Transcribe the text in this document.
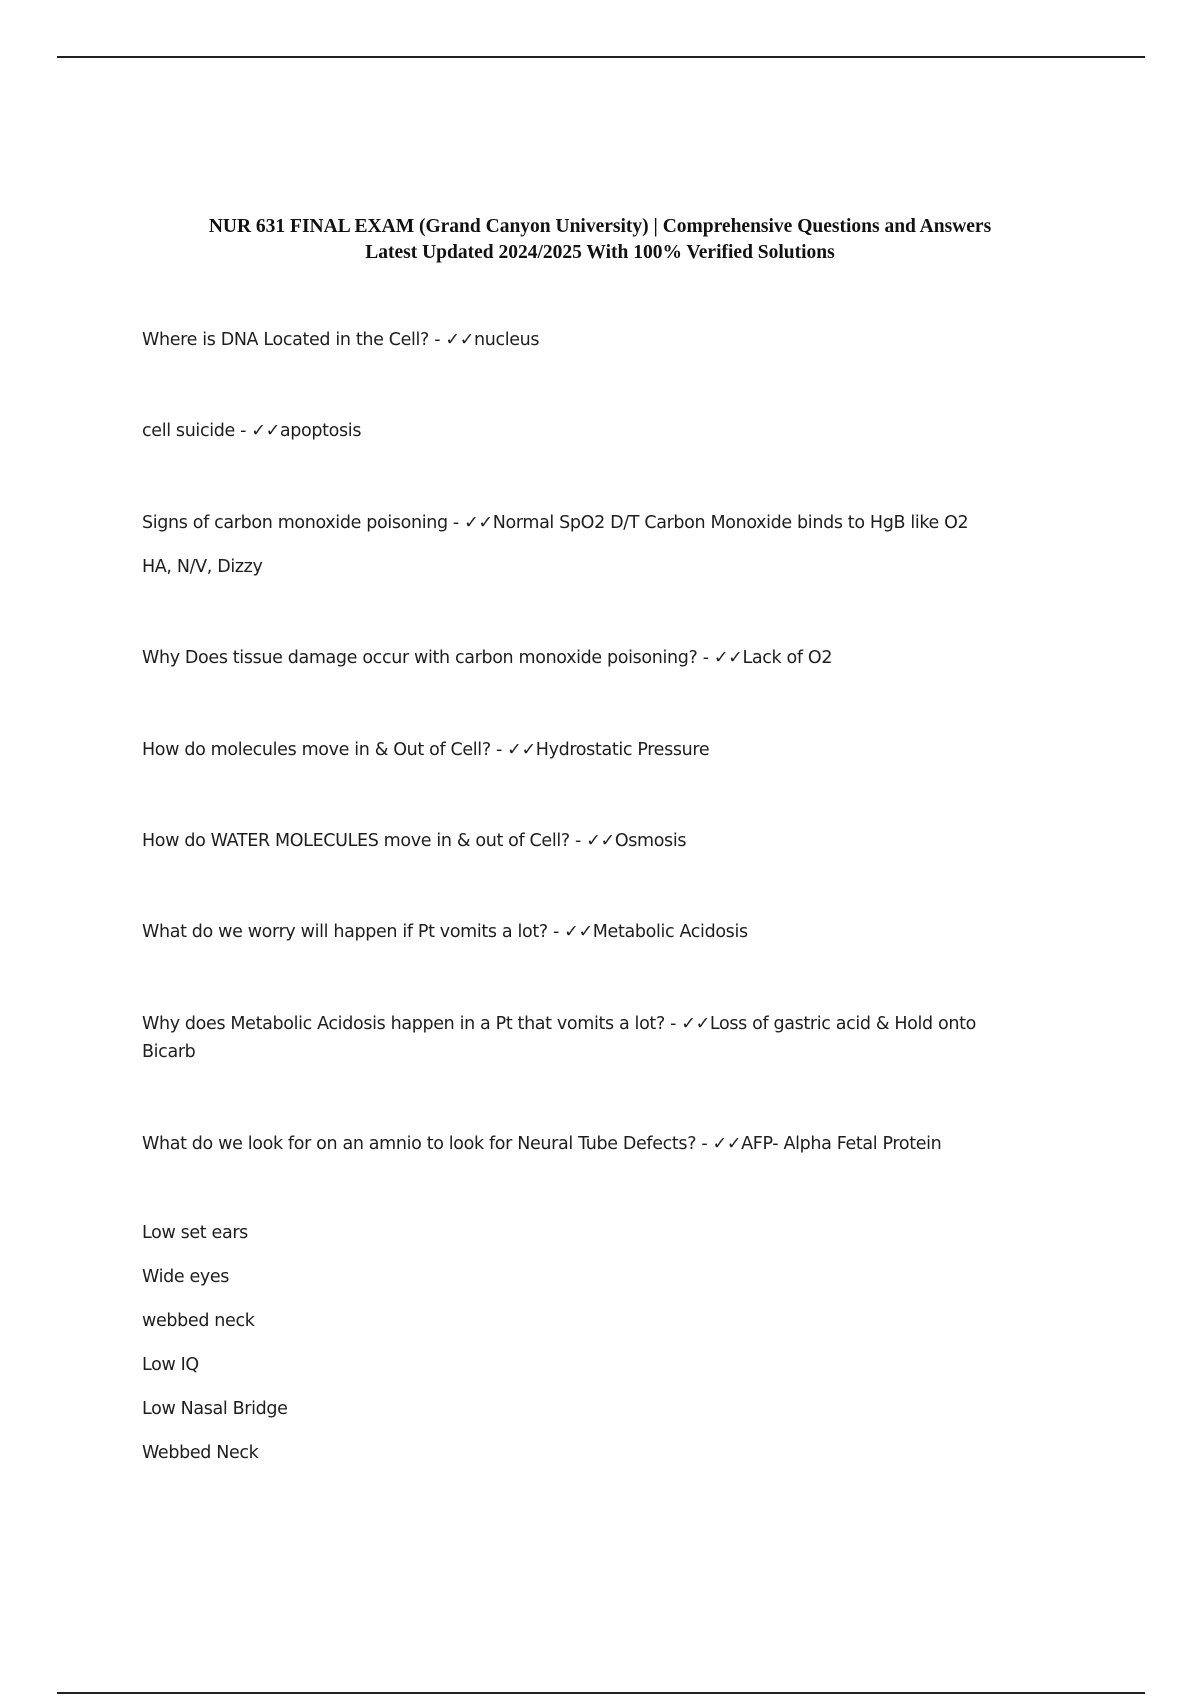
NUR 631 FINAL EXAM (Grand Canyon University) | Comprehensive Questions and Answers
Latest Updated 2024/2025 With 100% Verified Solutions
Where is DNA Located in the Cell? - ✓✓nucleus
cell suicide - ✓✓apoptosis
Signs of carbon monoxide poisoning - ✓✓Normal SpO2 D/T Carbon Monoxide binds to HgB like O2
HA, N/V, Dizzy
Why Does tissue damage occur with carbon monoxide poisoning? - ✓✓Lack of O2
How do molecules move in & Out of Cell? - ✓✓Hydrostatic Pressure
How do WATER MOLECULES move in & out of Cell? - ✓✓Osmosis
What do we worry will happen if Pt vomits a lot? - ✓✓Metabolic Acidosis
Why does Metabolic Acidosis happen in a Pt that vomits a lot? - ✓✓Loss of gastric acid & Hold onto
Bicarb
What do we look for on an amnio to look for Neural Tube Defects? - ✓✓AFP- Alpha Fetal Protein
Low set ears
Wide eyes
webbed neck
Low IQ
Low Nasal Bridge
Webbed Neck
